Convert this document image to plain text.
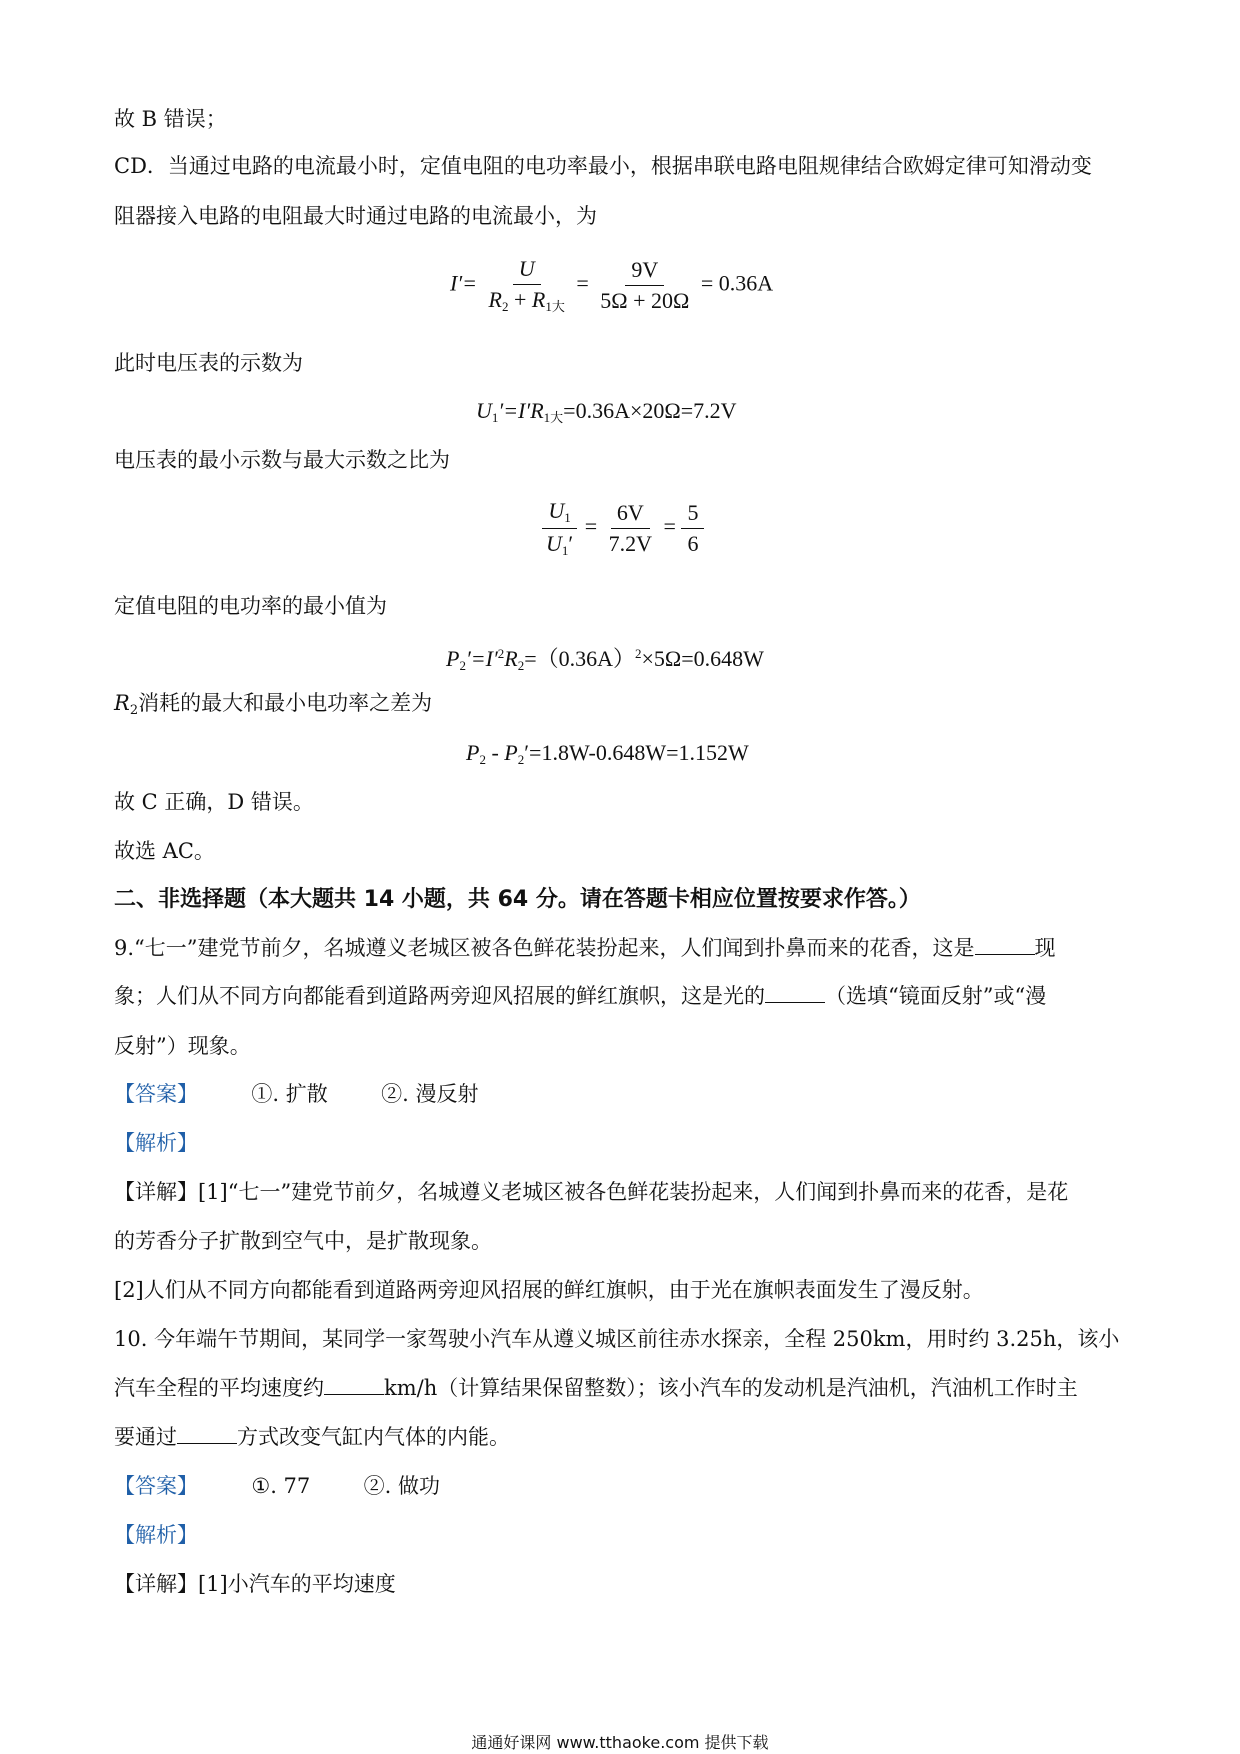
故 B 错误；
CD．当通过电路的电流最小时，定值电阻的电功率最小，根据串联电路电阻规律结合欧姆定律可知滑动变
阻器接入电路的电阻最大时通过电路的电流最小，为
$I'= \frac{U}{R_2 + R_{1大}} = \frac{9V}{5\Omega + 20\Omega} = 0.36A$
此时电压表的示数为
$U_1'=I'R_{1大}=0.36A\times 20\Omega=7.2V$
电压表的最小示数与最大示数之比为
$\frac{U_1}{U_1'} = \frac{6V}{7.2V} = \frac{5}{6}$
定值电阻的电功率的最小值为
$P_2'=I'^2R_2=(0.36A)^2\times 5\Omega=0.648W$
$R_2$消耗的最大和最小电功率之差为
$P_2 - P_2'=1.8W-0.648W=1.152W$
故 C 正确，D 错误。
故选 AC。
二、非选择题（本大题共 14 小题，共 64 分。请在答题卡相应位置按要求作答。）
9.“七一”建党节前夕，名城遵义老城区被各色鲜花装扮起来，人们闻到扑鼻而来的花香，这是	现
象；人们从不同方向都能看到道路两旁迎风招展的鲜红旗帜，这是光的	（选填“镜面反射”或“漫
反射”）现象。
【答案】	①. 扩散	②. 漫反射
【解析】
【详解】[1]“七一”建党节前夕，名城遵义老城区被各色鲜花装扮起来，人们闻到扑鼻而来的花香，是花
的芳香分子扩散到空气中，是扩散现象。
[2]人们从不同方向都能看到道路两旁迎风招展的鲜红旗帜，由于光在旗帜表面发生了漫反射。
10. 今年端午节期间，某同学一家驾驶小汽车从遵义城区前往赤水探亲，全程 250km，用时约 3.25h，该小
汽车全程的平均速度约	km/h（计算结果保留整数）；该小汽车的发动机是汽油机，汽油机工作时主
要通过	方式改变气缸内气体的内能。
【答案】	①. 77	②. 做功
【解析】
【详解】[1]小汽车的平均速度
通通好课网 www.tthaoke.com 提供下载
